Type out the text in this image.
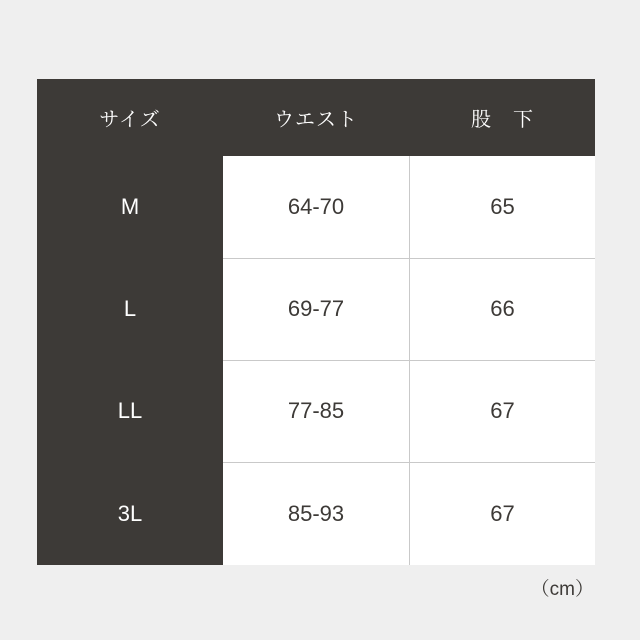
サイズ	ウエスト	股下
M	64-70	65
L	69-77	66
LL	77-85	67
3L	85-93	67
（cm）
